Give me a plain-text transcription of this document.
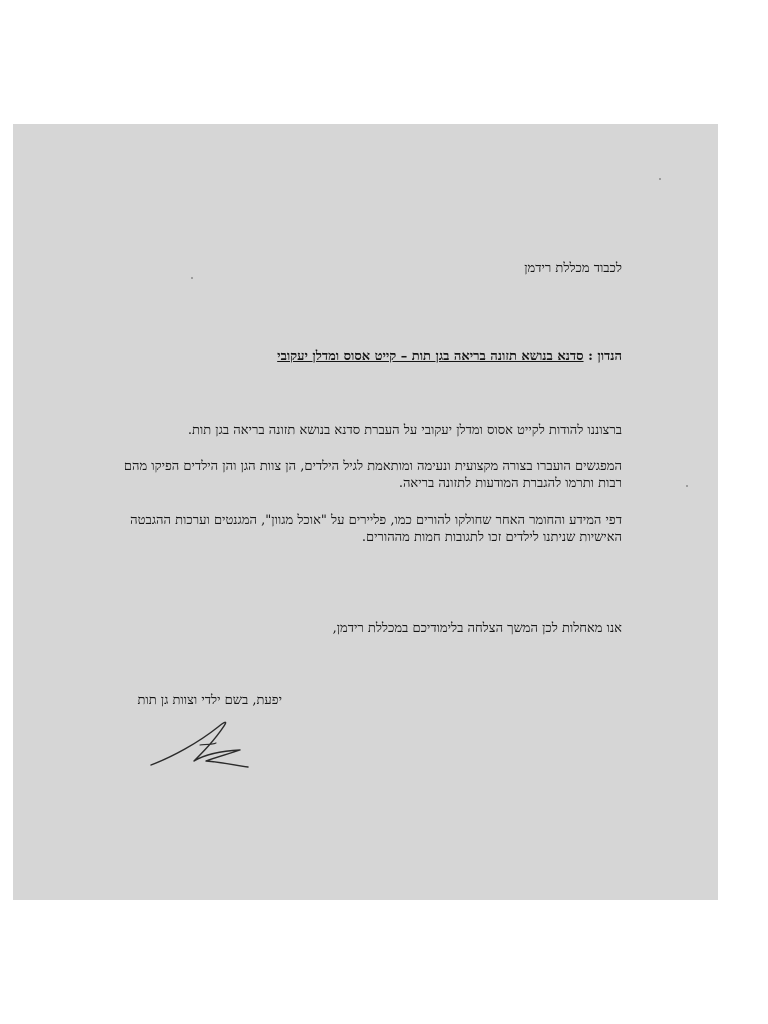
לכבוד מכללת רידמן
הנדון : סדנא בנושא תזונה בריאה בגן תות – קייט אסוס ומדלן יעקובי
ברצוננו להודות לקייט אסוס ומדלן יעקובי על העברת סדנא בנושא תזונה בריאה בגן תות.
המפגשים הועברו בצורה מקצועית ונעימה ומותאמת לגיל הילדים, הן צוות הגן והן הילדים הפיקו מהם
רבות ותרמו להגברת המודעות לתזונה בריאה.
דפי המידע והחומר האחר שחולקו להורים כמו, פליירים על "אוכל מגוון", המגנטים וערכות ההגבטה
האישיות שניתנו לילדים זכו לתגובות חמות מההורים.
אנו מאחלות לכן המשך הצלחה בלימודיכם במכללת רידמן,
יפעת, בשם ילדי וצוות גן תות
